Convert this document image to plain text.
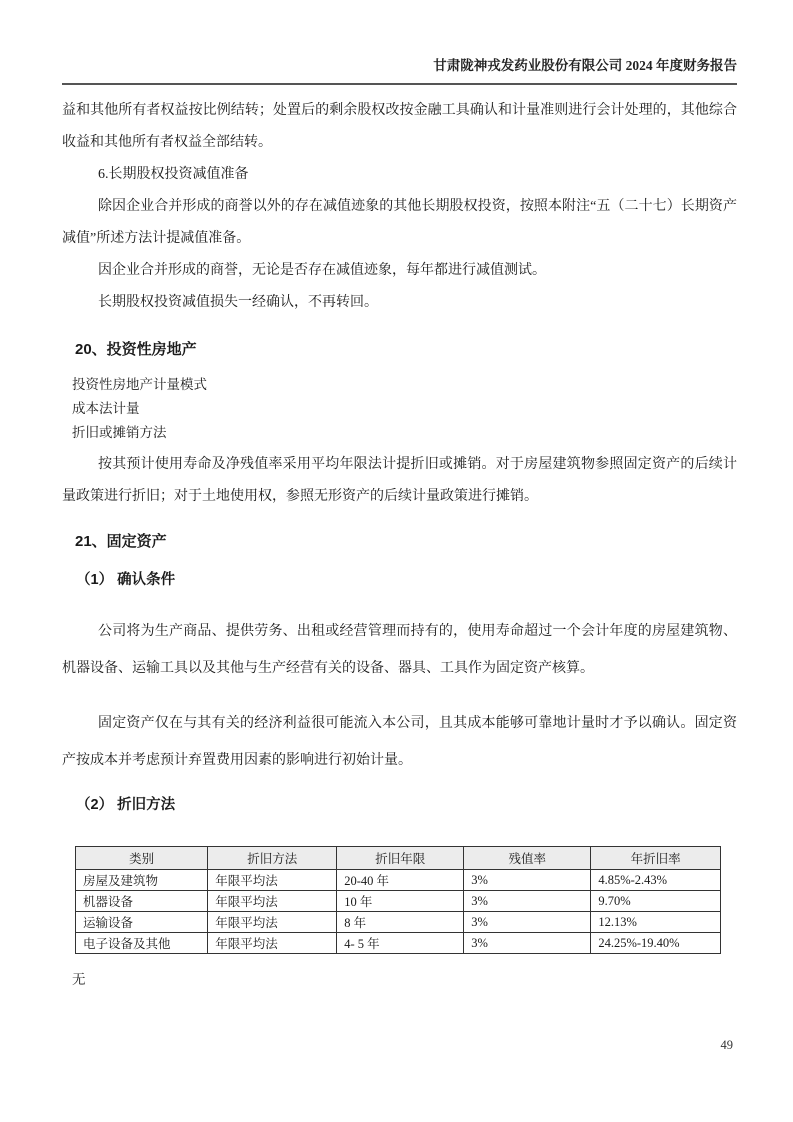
甘肃陇神戎发药业股份有限公司 2024 年度财务报告

益和其他所有者权益按比例结转；处置后的剩余股权改按金融工具确认和计量准则进行会计处理的，其他综合收益和其他所有者权益全部结转。

6.长期股权投资减值准备

除因企业合并形成的商誉以外的存在减值迹象的其他长期股权投资，按照本附注“五（二十七）长期资产减值”所述方法计提减值准备。

因企业合并形成的商誉，无论是否存在减值迹象，每年都进行减值测试。

长期股权投资减值损失一经确认，不再转回。

20、投资性房地产

投资性房地产计量模式

成本法计量

折旧或摊销方法

按其预计使用寿命及净残值率采用平均年限法计提折旧或摊销。对于房屋建筑物参照固定资产的后续计量政策进行折旧；对于土地使用权，参照无形资产的后续计量政策进行摊销。

21、固定资产
（1） 确认条件

公司将为生产商品、提供劳务、出租或经营管理而持有的，使用寿命超过一个会计年度的房屋建筑物、机器设备、运输工具以及其他与生产经营有关的设备、器具、工具作为固定资产核算。

固定资产仅在与其有关的经济利益很可能流入本公司，且其成本能够可靠地计量时才予以确认。固定资产按成本并考虑预计弃置费用因素的影响进行初始计量。

（2） 折旧方法
类别	折旧方法	折旧年限	残值率	年折旧率
房屋及建筑物	年限平均法	20-40 年	3%	4.85%-2.43%
机器设备	年限平均法	10 年	3%	9.70%
运输设备	年限平均法	8 年	3%	12.13%
电子设备及其他	年限平均法	4- 5 年	3%	24.25%-19.40%

无

49
